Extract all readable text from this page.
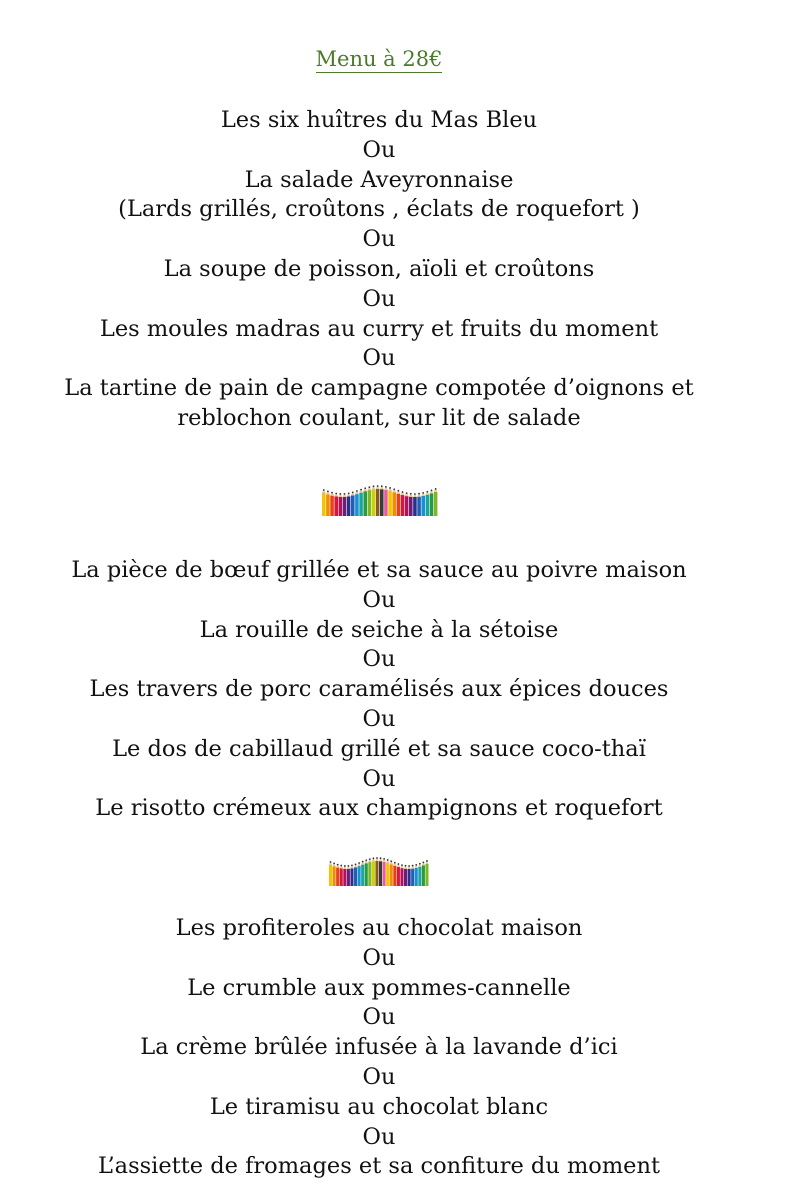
Menu à 28€
Les six huîtres du Mas Bleu
Ou
La salade Aveyronnaise
(Lards grillés, croûtons , éclats de roquefort )
Ou
La soupe de poisson, aïoli et croûtons
Ou
Les moules madras au curry et fruits du moment
Ou
La tartine de pain de campagne compotée d’oignons et
reblochon coulant, sur lit de salade
La pièce de bœuf grillée et sa sauce au poivre maison
Ou
La rouille de seiche à la sétoise
Ou
Les travers de porc caramélisés aux épices douces
Ou
Le dos de cabillaud grillé et sa sauce coco-thaï
Ou
Le risotto crémeux aux champignons et roquefort
Les profiteroles au chocolat maison
Ou
Le crumble aux pommes-cannelle
Ou
La crème brûlée infusée à la lavande d’ici
Ou
Le tiramisu au chocolat blanc
Ou
L’assiette de fromages et sa confiture du moment
